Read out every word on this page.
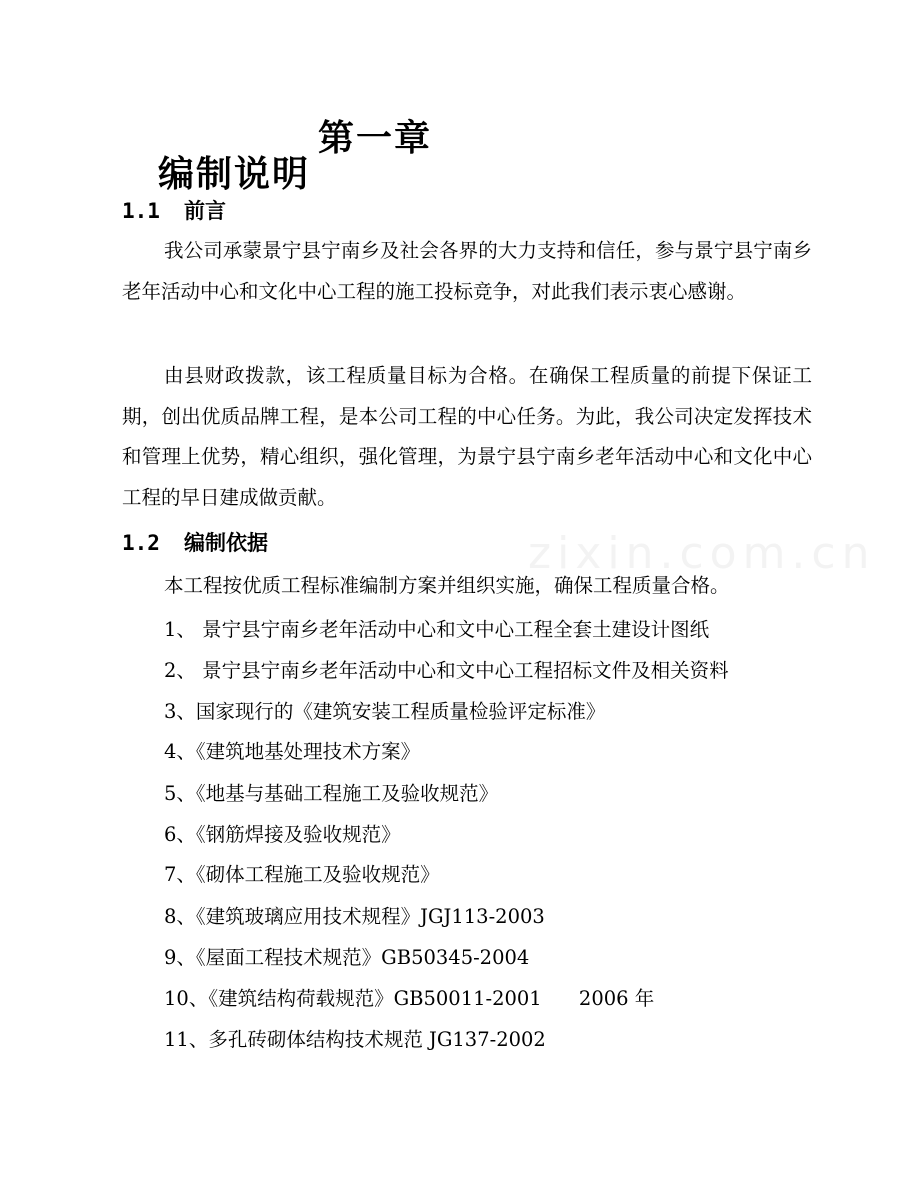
zixin.com.cn
第一章
编制说明
1.1 前言
我公司承蒙景宁县宁南乡及社会各界的大力支持和信任，参与景宁县宁南乡老年活动中心和文化中心工程的施工投标竞争，对此我们表示衷心感谢。
由县财政拨款，该工程质量目标为合格。在确保工程质量的前提下保证工期，创出优质品牌工程，是本公司工程的中心任务。为此，我公司决定发挥技术和管理上优势，精心组织，强化管理，为景宁县宁南乡老年活动中心和文化中心工程的早日建成做贡献。
1.2 编制依据
本工程按优质工程标准编制方案并组织实施，确保工程质量合格。
1、 景宁县宁南乡老年活动中心和文中心工程全套土建设计图纸
2、 景宁县宁南乡老年活动中心和文中心工程招标文件及相关资料
3、国家现行的《建筑安装工程质量检验评定标准》
4、《建筑地基处理技术方案》
5、《地基与基础工程施工及验收规范》
6、《钢筋焊接及验收规范》
7、《砌体工程施工及验收规范》
8、《建筑玻璃应用技术规程》JGJ113-2003
9、《屋面工程技术规范》GB50345-2004
10、《建筑结构荷载规范》GB50011-2001      2006 年
11、多孔砖砌体结构技术规范 JG137-2002
